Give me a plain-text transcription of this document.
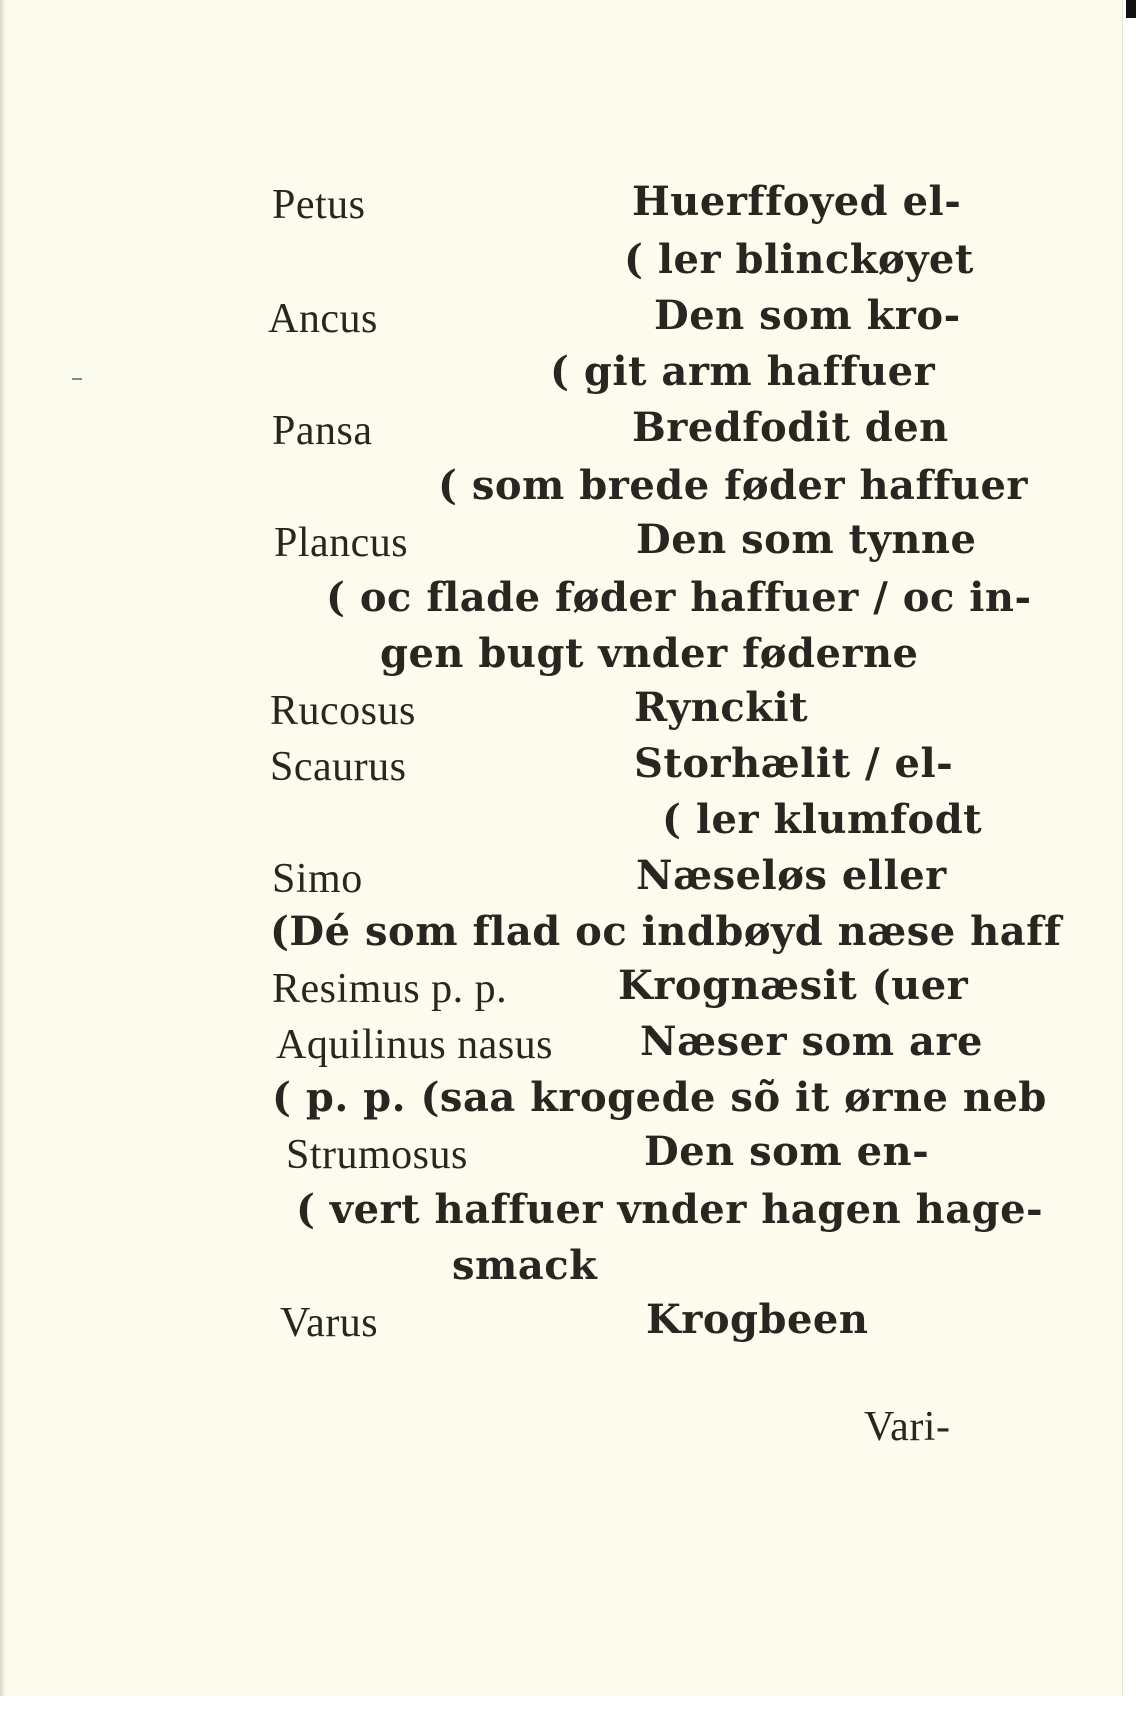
Petus	Huerffoyed el-
( ler blinckøyet
Ancus	Den som kro-
( git arm haffuer
Pansa	Bredfodit den
( som brede føder haffuer
Plancus	Den som tynne
( oc flade føder haffuer / oc in-
gen bugt vnder føderne
Rucosus	Rynckit
Scaurus	Storhælit / el-
( ler klumfodt
Simo	Næseløs eller
(Dé som flad oc indbøyd næse haff
Resimus p. p.	Krognæsit (uer
Aquilinus nasus Næser som are
( p. p. (saa krogede sõ it ørne neb
Strumosus	Den som en-
( vert haffuer vnder hagen hage-
smack
Varus	Krogbeen
Vari-
